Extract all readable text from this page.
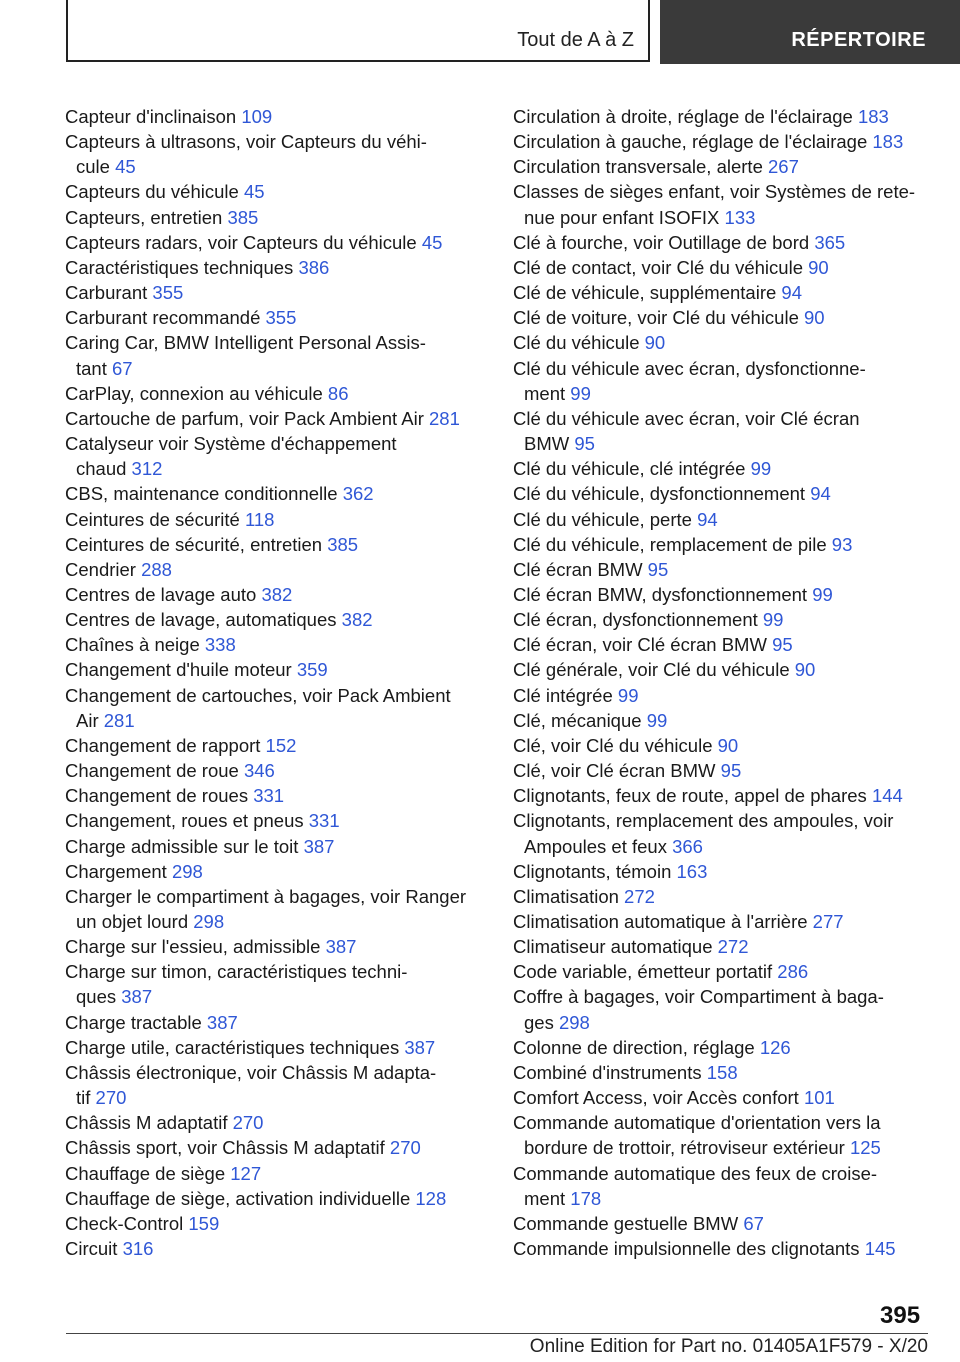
Tout de A à Z	RÉPERTOIRE
Capteur d'inclinaison 109
Capteurs à ultrasons, voir Capteurs du véhi-
cule 45
Capteurs du véhicule 45
Capteurs, entretien 385
Capteurs radars, voir Capteurs du véhicule 45
Caractéristiques techniques 386
Carburant 355
Carburant recommandé 355
Caring Car, BMW Intelligent Personal Assis-
tant 67
CarPlay, connexion au véhicule 86
Cartouche de parfum, voir Pack Ambient Air 281
Catalyseur voir Système d'échappement
chaud 312
CBS, maintenance conditionnelle 362
Ceintures de sécurité 118
Ceintures de sécurité, entretien 385
Cendrier 288
Centres de lavage auto 382
Centres de lavage, automatiques 382
Chaînes à neige 338
Changement d'huile moteur 359
Changement de cartouches, voir Pack Ambient
Air 281
Changement de rapport 152
Changement de roue 346
Changement de roues 331
Changement, roues et pneus 331
Charge admissible sur le toit 387
Chargement 298
Charger le compartiment à bagages, voir Ranger
un objet lourd 298
Charge sur l'essieu, admissible 387
Charge sur timon, caractéristiques techni-
ques 387
Charge tractable 387
Charge utile, caractéristiques techniques 387
Châssis électronique, voir Châssis M adapta-
tif 270
Châssis M adaptatif 270
Châssis sport, voir Châssis M adaptatif 270
Chauffage de siège 127
Chauffage de siège, activation individuelle 128
Check-Control 159
Circuit 316
Circulation à droite, réglage de l'éclairage 183
Circulation à gauche, réglage de l'éclairage 183
Circulation transversale, alerte 267
Classes de sièges enfant, voir Systèmes de rete-
nue pour enfant ISOFIX 133
Clé à fourche, voir Outillage de bord 365
Clé de contact, voir Clé du véhicule 90
Clé de véhicule, supplémentaire 94
Clé de voiture, voir Clé du véhicule 90
Clé du véhicule 90
Clé du véhicule avec écran, dysfonctionne-
ment 99
Clé du véhicule avec écran, voir Clé écran
BMW 95
Clé du véhicule, clé intégrée 99
Clé du véhicule, dysfonctionnement 94
Clé du véhicule, perte 94
Clé du véhicule, remplacement de pile 93
Clé écran BMW 95
Clé écran BMW, dysfonctionnement 99
Clé écran, dysfonctionnement 99
Clé écran, voir Clé écran BMW 95
Clé générale, voir Clé du véhicule 90
Clé intégrée 99
Clé, mécanique 99
Clé, voir Clé du véhicule 90
Clé, voir Clé écran BMW 95
Clignotants, feux de route, appel de phares 144
Clignotants, remplacement des ampoules, voir
Ampoules et feux 366
Clignotants, témoin 163
Climatisation 272
Climatisation automatique à l'arrière 277
Climatiseur automatique 272
Code variable, émetteur portatif 286
Coffre à bagages, voir Compartiment à baga-
ges 298
Colonne de direction, réglage 126
Combiné d'instruments 158
Comfort Access, voir Accès confort 101
Commande automatique d'orientation vers la
bordure de trottoir, rétroviseur extérieur 125
Commande automatique des feux de croise-
ment 178
Commande gestuelle BMW 67
Commande impulsionnelle des clignotants 145
395
Online Edition for Part no. 01405A1F579 - X/20
